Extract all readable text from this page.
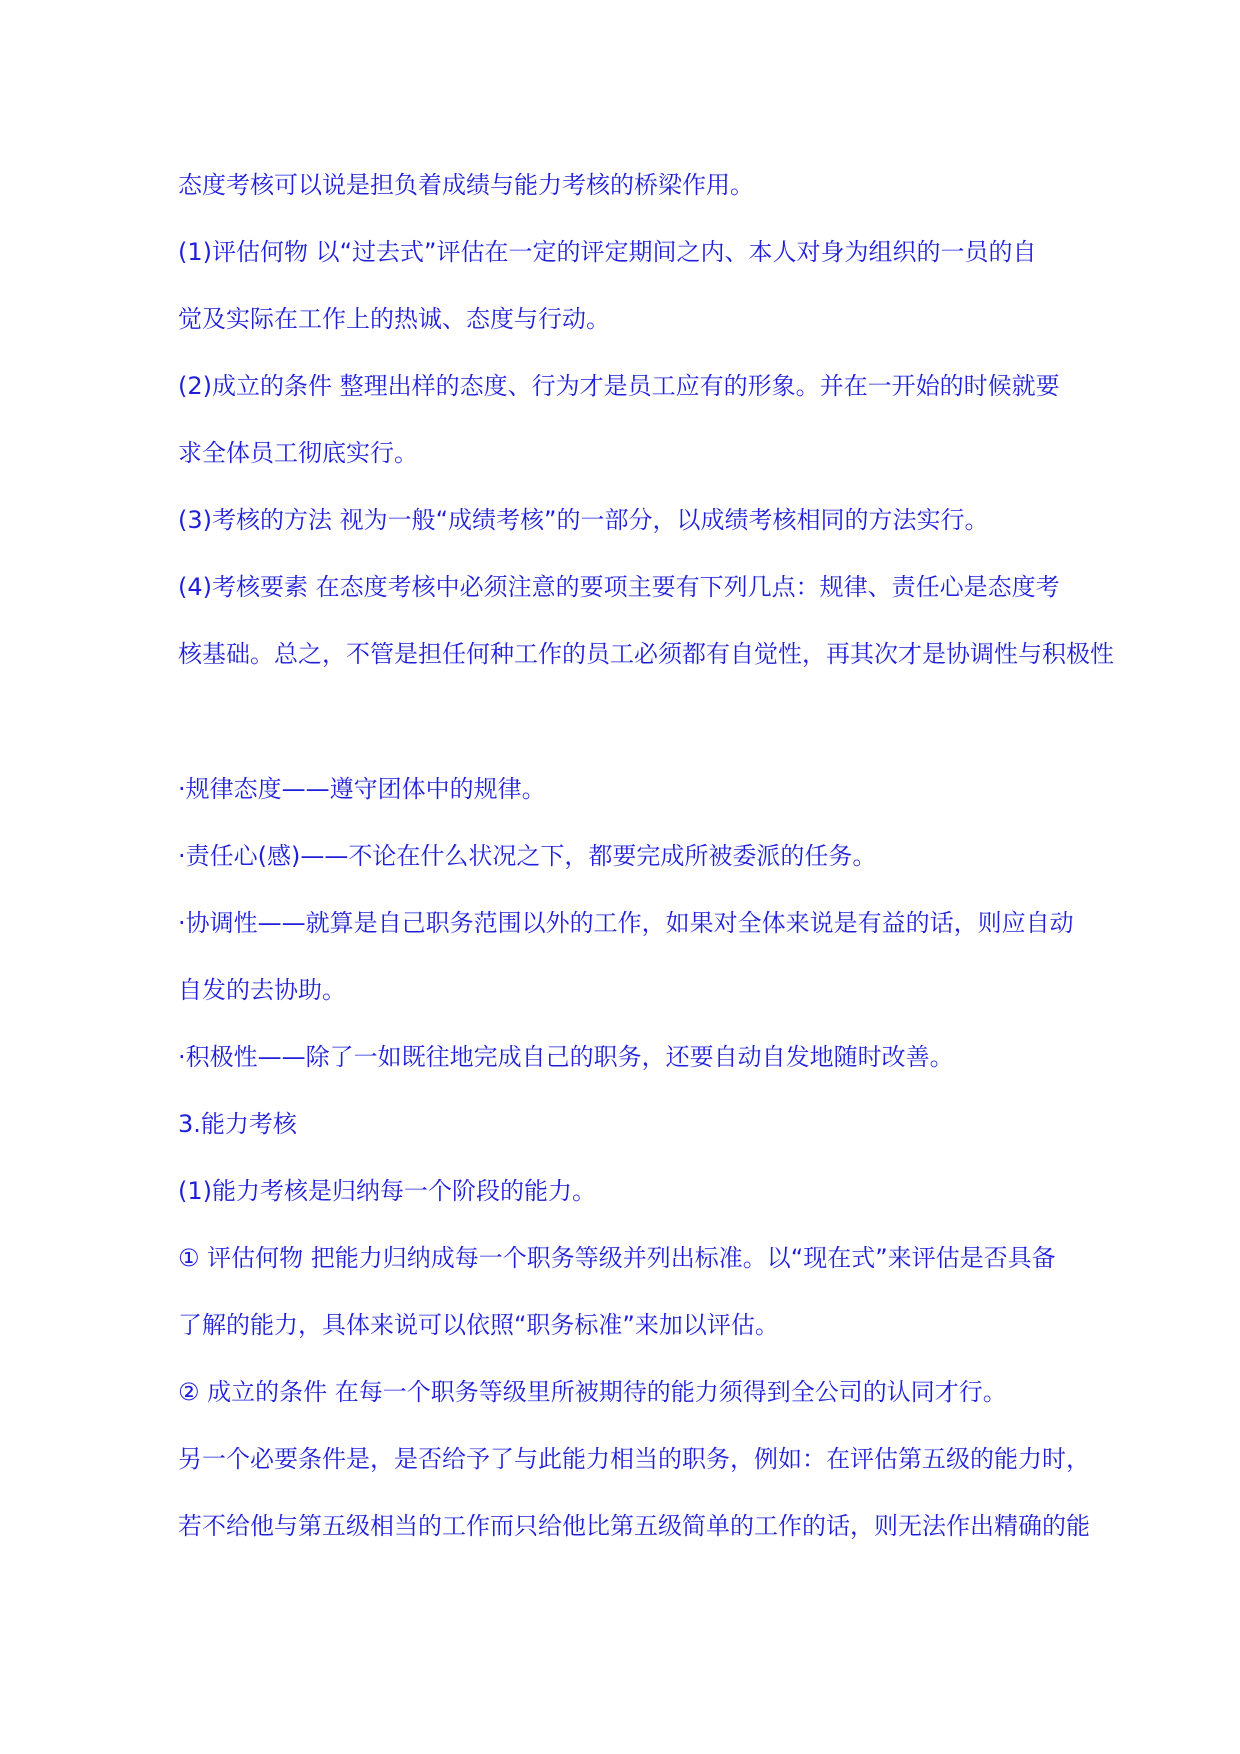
态度考核可以说是担负着成绩与能力考核的桥梁作用。
(1)评估何物 以“过去式”评估在一定的评定期间之内、本人对身为组织的一员的自
觉及实际在工作上的热诚、态度与行动。
(2)成立的条件 整理出样的态度、行为才是员工应有的形象。并在一开始的时候就要
求全体员工彻底实行。
(3)考核的方法 视为一般“成绩考核”的一部分，以成绩考核相同的方法实行。
(4)考核要素 在态度考核中必须注意的要项主要有下列几点：规律、责任心是态度考
核基础。总之，不管是担任何种工作的员工必须都有自觉性，再其次才是协调性与积极性
·规律态度——遵守团体中的规律。
·责任心(感)——不论在什么状况之下，都要完成所被委派的任务。
·协调性——就算是自己职务范围以外的工作，如果对全体来说是有益的话，则应自动
自发的去协助。
·积极性——除了一如既往地完成自己的职务，还要自动自发地随时改善。
3.能力考核
(1)能力考核是归纳每一个阶段的能力。
① 评估何物 把能力归纳成每一个职务等级并列出标准。以“现在式”来评估是否具备
了解的能力，具体来说可以依照“职务标准”来加以评估。
② 成立的条件 在每一个职务等级里所被期待的能力须得到全公司的认同才行。
另一个必要条件是，是否给予了与此能力相当的职务，例如：在评估第五级的能力时，
若不给他与第五级相当的工作而只给他比第五级简单的工作的话，则无法作出精确的能
